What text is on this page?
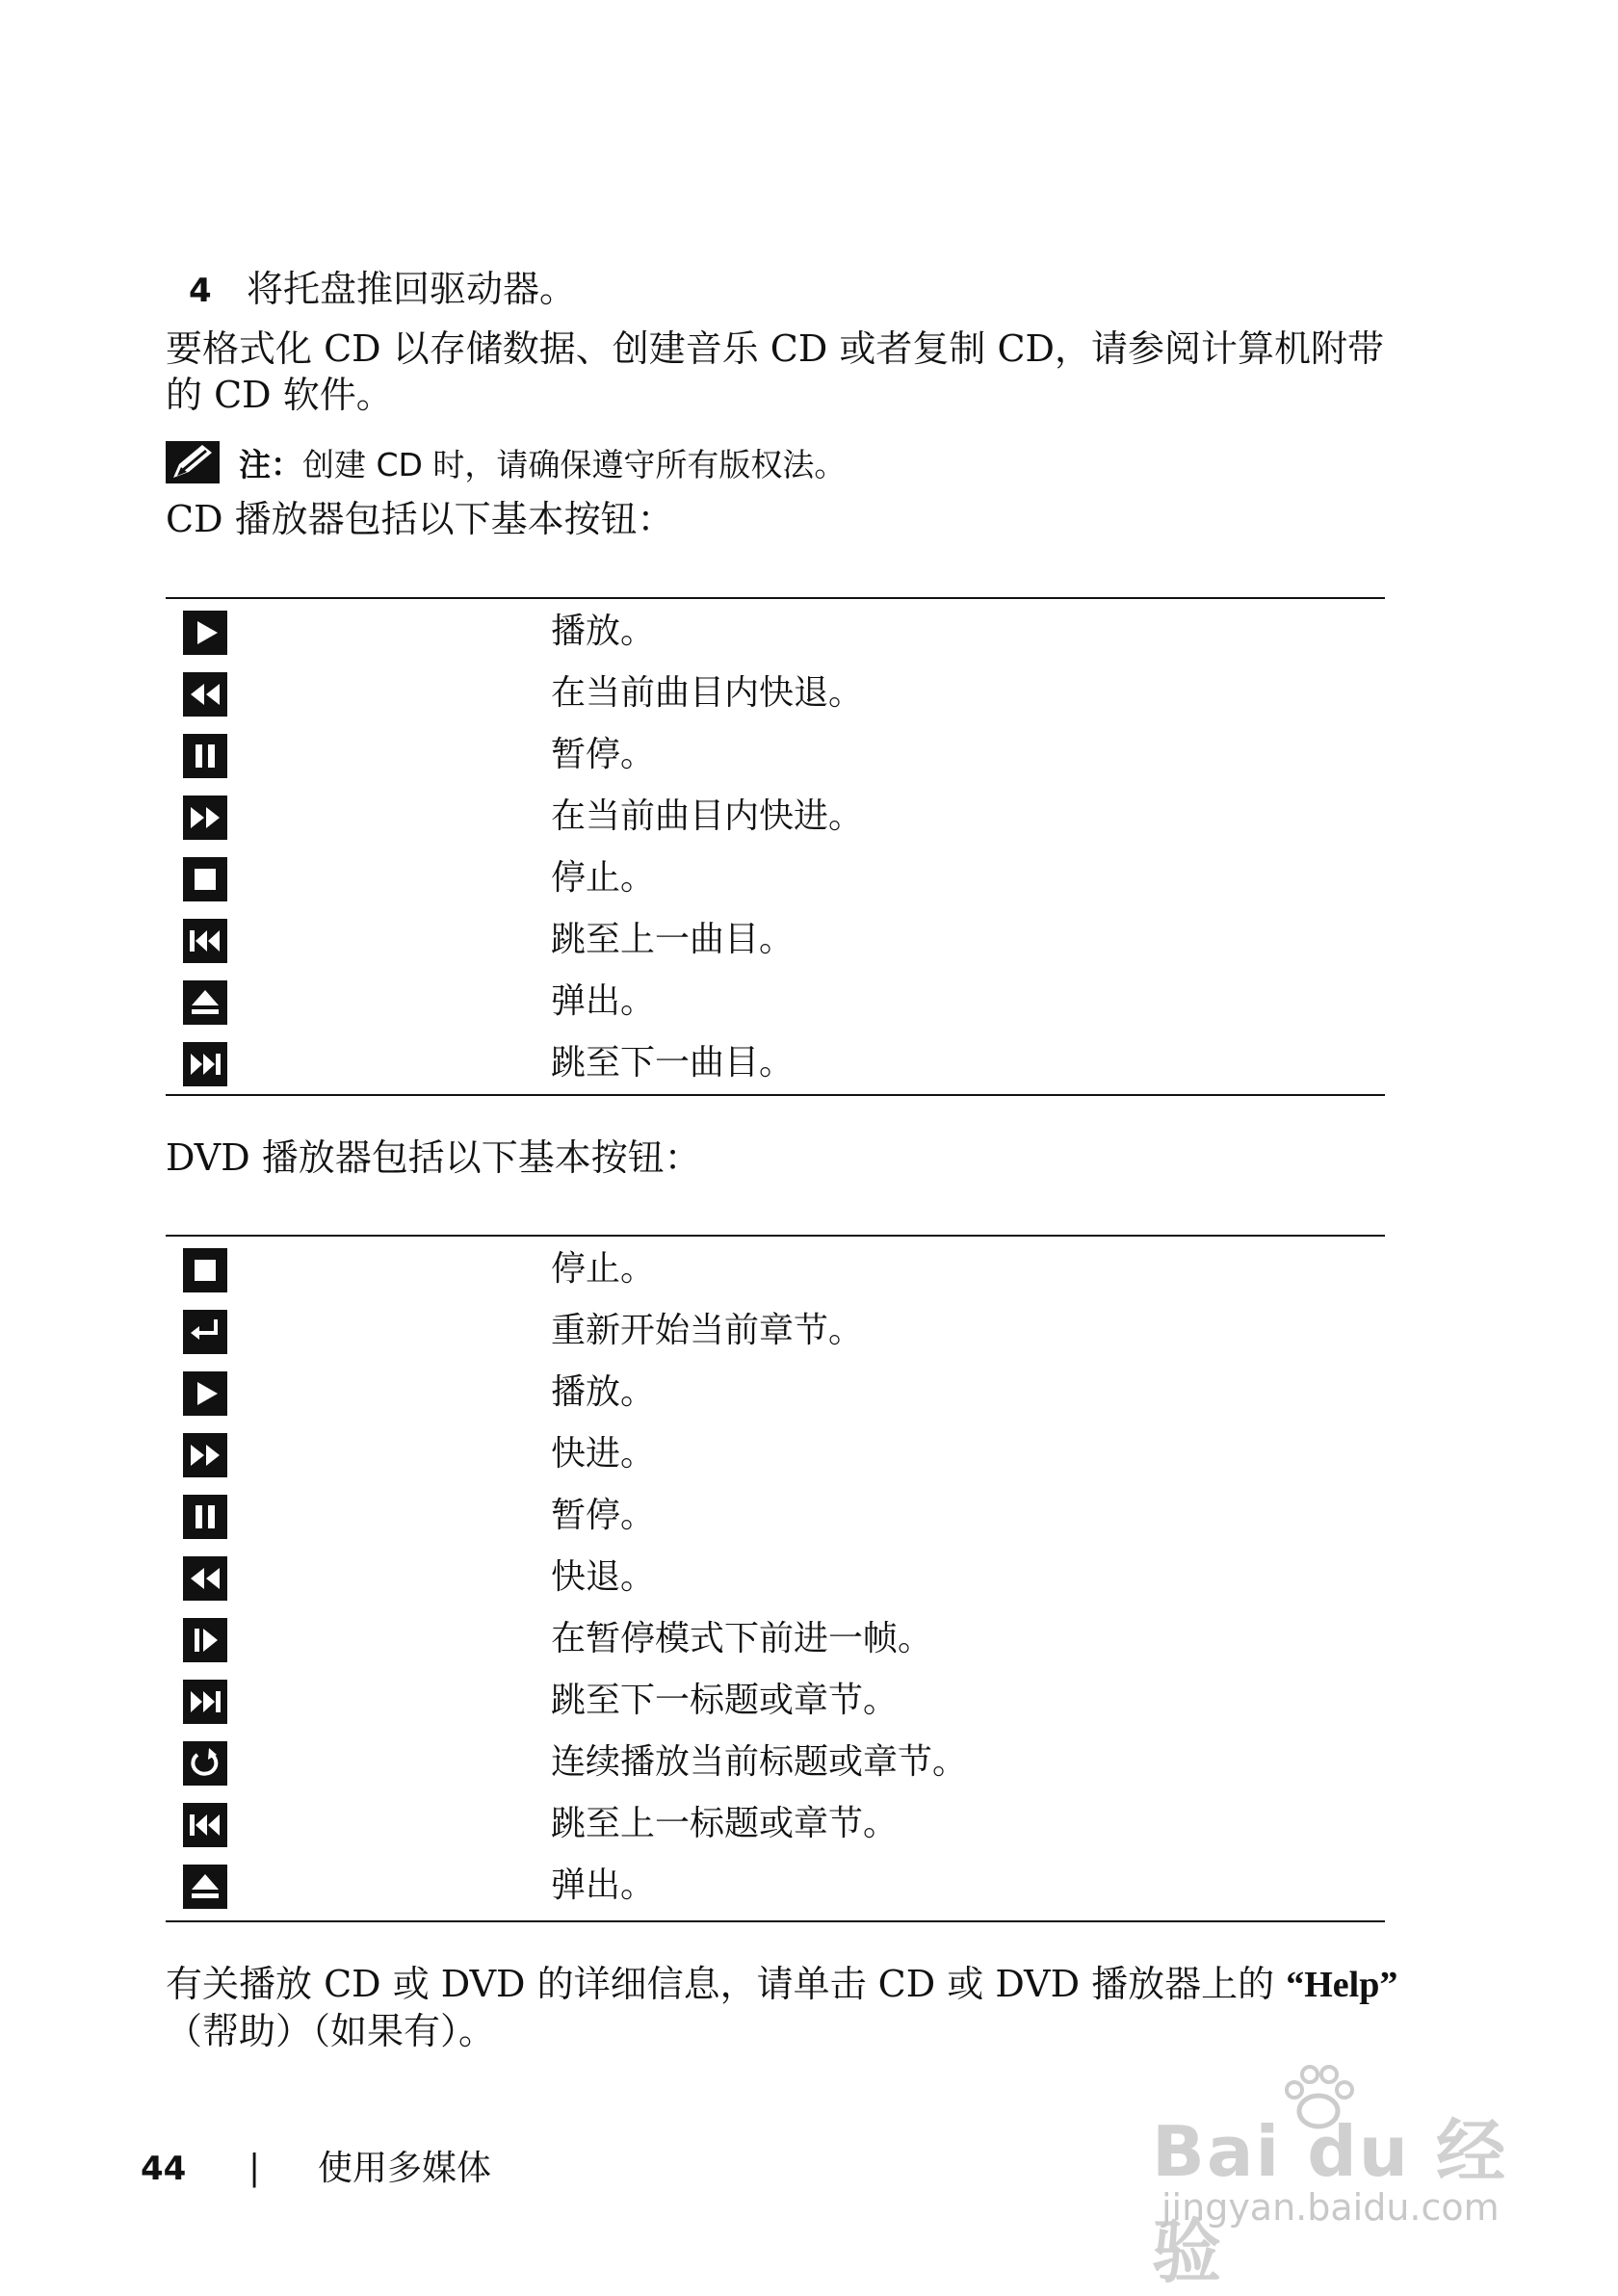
4 将托盘推回驱动器。
要格式化 CD 以存储数据、创建音乐 CD 或者复制 CD，请参阅计算机附带
的 CD 软件。
注： 创建 CD 时，请确保遵守所有版权法。
CD 播放器包括以下基本按钮：
播放。
在当前曲目内快退。
暂停。
在当前曲目内快进。
停止。
跳至上一曲目。
弹出。
跳至下一曲目。
DVD 播放器包括以下基本按钮：
停止。
重新开始当前章节。
播放。
快进。
暂停。
快退。
在暂停模式下前进一帧。
跳至下一标题或章节。
连续播放当前标题或章节。
跳至上一标题或章节。
弹出。
有关播放 CD 或 DVD 的详细信息，请单击 CD 或 DVD 播放器上的 “Help”
（帮助）（如果有）。
44 | 使用多媒体	Bai du 经验
jingyan.baidu.com
